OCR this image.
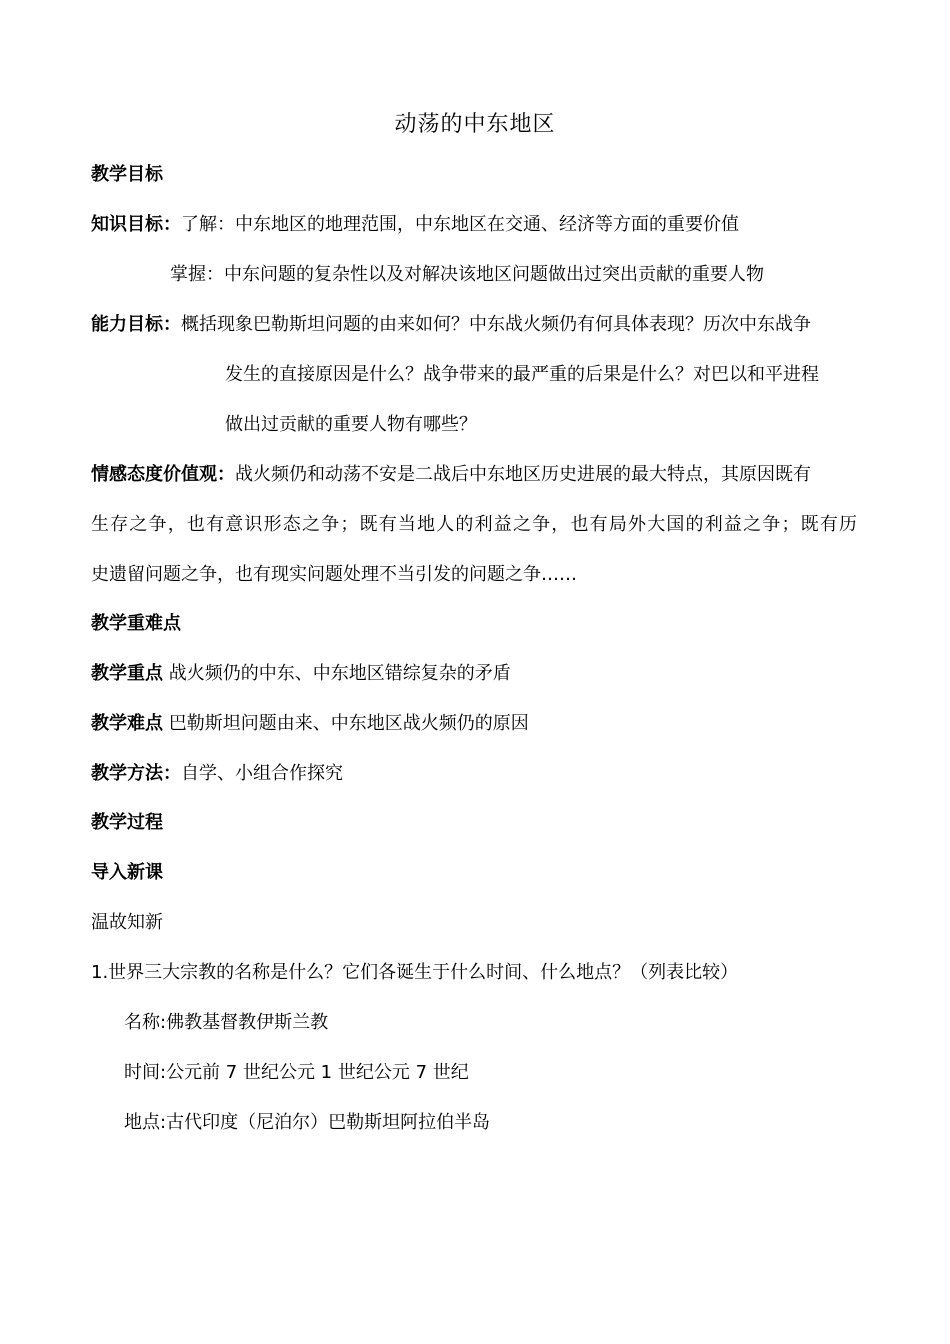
动荡的中东地区
教学目标
知识目标：了解：中东地区的地理范围，中东地区在交通、经济等方面的重要价值
掌握：中东问题的复杂性以及对解决该地区问题做出过突出贡献的重要人物
能力目标：概括现象巴勒斯坦问题的由来如何？中东战火频仍有何具体表现？历次中东战争
发生的直接原因是什么？战争带来的最严重的后果是什么？对巴以和平进程
做出过贡献的重要人物有哪些？
情感态度价值观：战火频仍和动荡不安是二战后中东地区历史进展的最大特点，其原因既有
生存之争，也有意识形态之争；既有当地人的利益之争，也有局外大国的利益之争；既有历
史遗留问题之争，也有现实问题处理不当引发的问题之争……
教学重难点
教学重点 战火频仍的中东、中东地区错综复杂的矛盾
教学难点 巴勒斯坦问题由来、中东地区战火频仍的原因
教学方法：自学、小组合作探究
教学过程
导入新课
温故知新
1.世界三大宗教的名称是什么？它们各诞生于什么时间、什么地点？（列表比较）
名称:佛教基督教伊斯兰教
时间:公元前 7 世纪公元 1 世纪公元 7 世纪
地点:古代印度（尼泊尔）巴勒斯坦阿拉伯半岛
